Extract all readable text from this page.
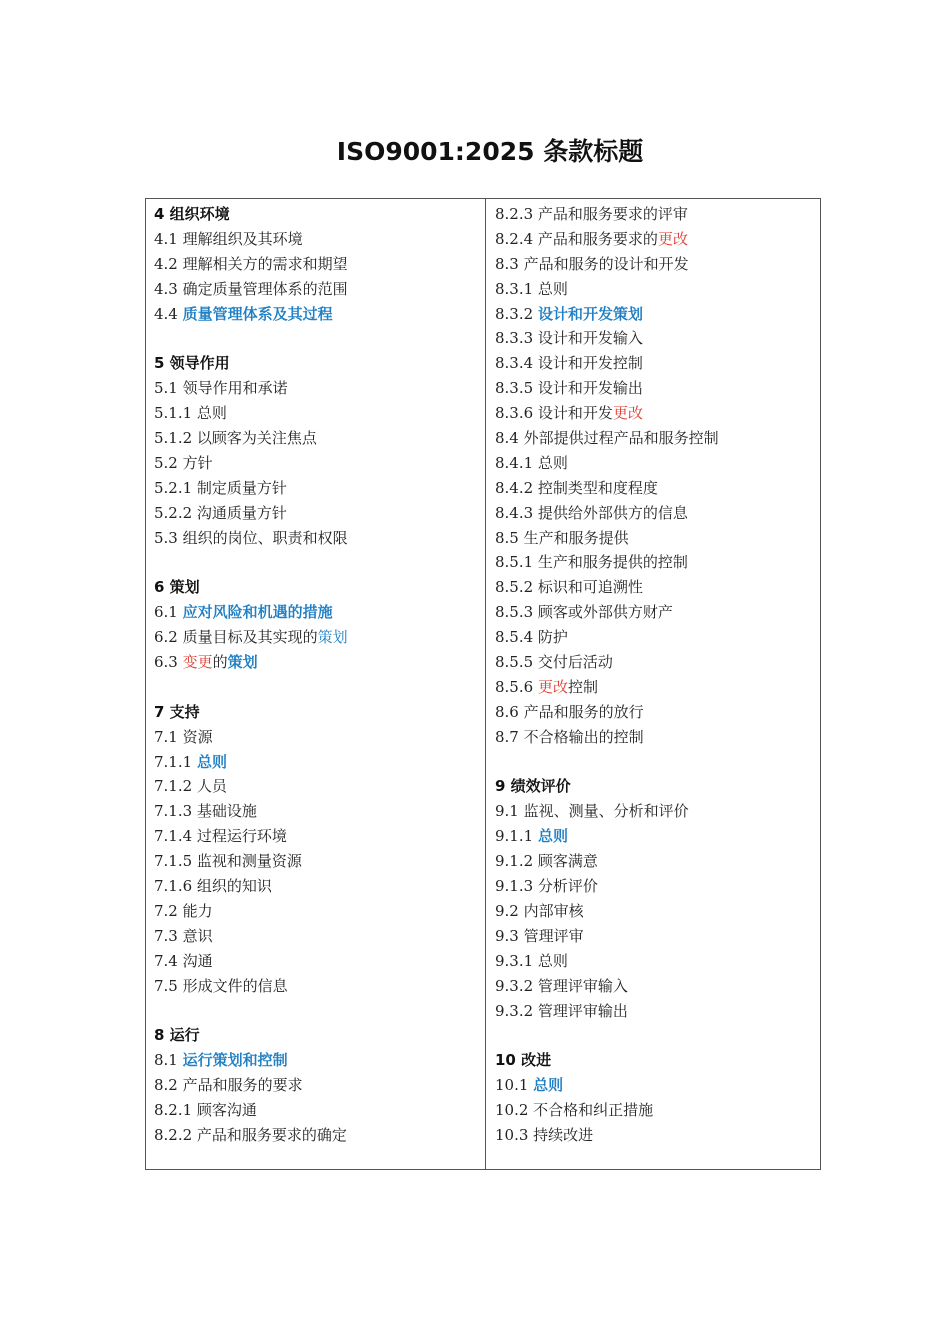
ISO9001:2025 条款标题
4 组织环境
4.1 理解组织及其环境
4.2 理解相关方的需求和期望
4.3 确定质量管理体系的范围
4.4 质量管理体系及其过程
5 领导作用
5.1 领导作用和承诺
5.1.1 总则
5.1.2 以顾客为关注焦点
5.2 方针
5.2.1 制定质量方针
5.2.2 沟通质量方针
5.3 组织的岗位、职责和权限
6 策划
6.1 应对风险和机遇的措施
6.2 质量目标及其实现的策划
6.3 变更的策划
7 支持
7.1 资源
7.1.1 总则
7.1.2 人员
7.1.3 基础设施
7.1.4 过程运行环境
7.1.5 监视和测量资源
7.1.6 组织的知识
7.2 能力
7.3 意识
7.4 沟通
7.5 形成文件的信息
8 运行
8.1 运行策划和控制
8.2 产品和服务的要求
8.2.1 顾客沟通
8.2.2 产品和服务要求的确定
8.2.3 产品和服务要求的评审
8.2.4 产品和服务要求的更改
8.3 产品和服务的设计和开发
8.3.1 总则
8.3.2 设计和开发策划
8.3.3 设计和开发输入
8.3.4 设计和开发控制
8.3.5 设计和开发输出
8.3.6 设计和开发更改
8.4 外部提供过程产品和服务控制
8.4.1 总则
8.4.2 控制类型和度程度
8.4.3 提供给外部供方的信息
8.5 生产和服务提供
8.5.1 生产和服务提供的控制
8.5.2 标识和可追溯性
8.5.3 顾客或外部供方财产
8.5.4 防护
8.5.5 交付后活动
8.5.6 更改控制
8.6 产品和服务的放行
8.7 不合格输出的控制
9 绩效评价
9.1 监视、测量、分析和评价
9.1.1 总则
9.1.2 顾客满意
9.1.3 分析评价
9.2 内部审核
9.3 管理评审
9.3.1 总则
9.3.2 管理评审输入
9.3.2 管理评审输出
10 改进
10.1 总则
10.2 不合格和纠正措施
10.3 持续改进
